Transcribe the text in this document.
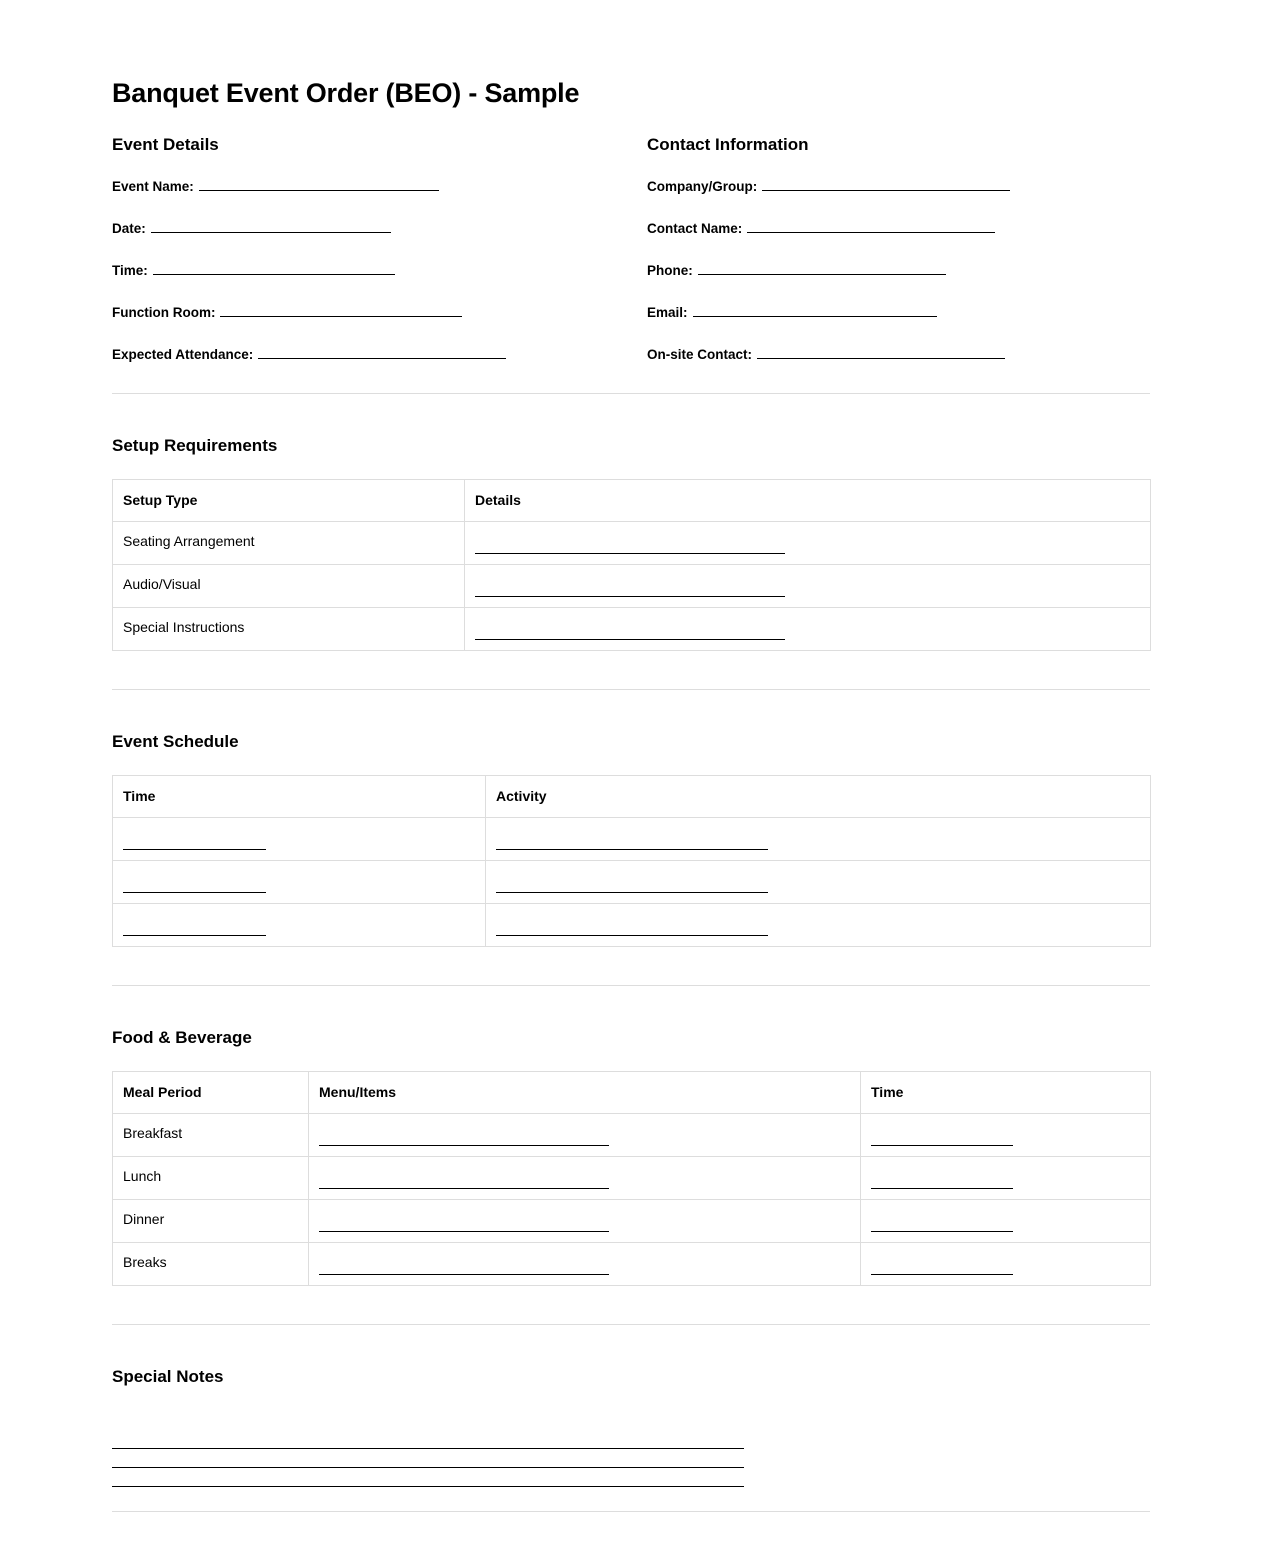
Banquet Event Order (BEO) - Sample
Event Details
Event Name:
Date:
Time:
Function Room:
Expected Attendance:
Contact Information
Company/Group:
Contact Name:
Phone:
Email:
On-site Contact:
Setup Requirements
Setup Type	Details
Seating Arrangement	
Audio/Visual	
Special Instructions	
Event Schedule
Time	Activity

Food & Beverage
Meal Period	Menu/Items	Time
Breakfast		
Lunch		
Dinner		
Breaks		
Special Notes
